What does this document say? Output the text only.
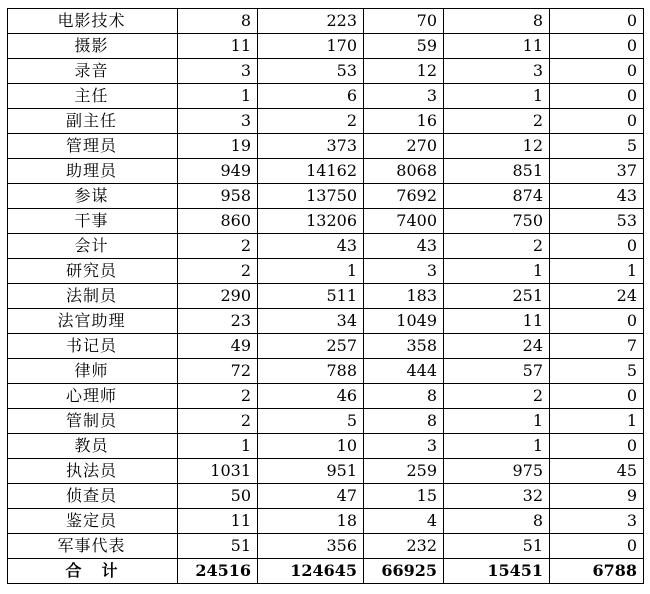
电影技术	8	223	70	8	0
摄影	11	170	59	11	0
录音	3	53	12	3	0
主任	1	6	3	1	0
副主任	3	2	16	2	0
管理员	19	373	270	12	5
助理员	949	14162	8068	851	37
参谋	958	13750	7692	874	43
干事	860	13206	7400	750	53
会计	2	43	43	2	0
研究员	2	1	3	1	1
法制员	290	511	183	251	24
法官助理	23	34	1049	11	0
书记员	49	257	358	24	7
律师	72	788	444	57	5
心理师	2	46	8	2	0
管制员	2	5	8	1	1
教员	1	10	3	1	0
执法员	1031	951	259	975	45
侦查员	50	47	15	32	9
鉴定员	11	18	4	8	3
军事代表	51	356	232	51	0
合计	24516	124645	66925	15451	6788
